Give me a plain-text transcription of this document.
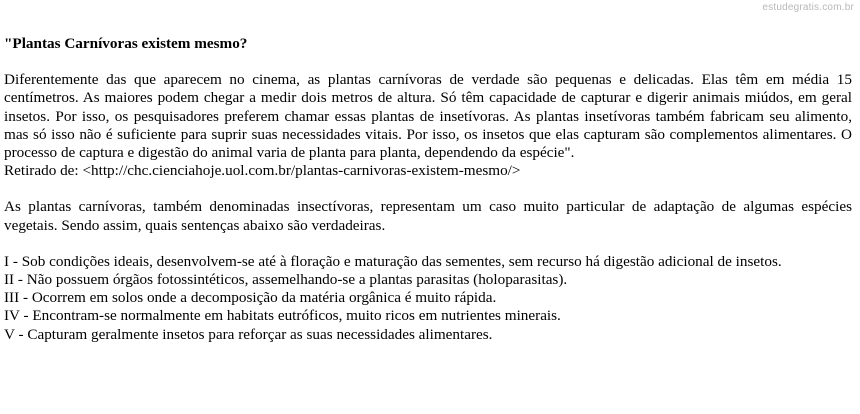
estudegratis.com.br

"Plantas Carnívoras existem mesmo?

Diferentemente das que aparecem no cinema, as plantas carnívoras de verdade são pequenas e delicadas. Elas têm em média 15 centímetros. As maiores podem chegar a medir dois metros de altura. Só têm capacidade de capturar e digerir animais miúdos, em geral insetos. Por isso, os pesquisadores preferem chamar essas plantas de insetívoras. As plantas insetívoras também fabricam seu alimento, mas só isso não é suficiente para suprir suas necessidades vitais. Por isso, os insetos que elas capturam são complementos alimentares. O processo de captura e digestão do animal varia de planta para planta, dependendo da espécie".

Retirado de: <http://chc.cienciahoje.uol.com.br/plantas-carnivoras-existem-mesmo/>

As plantas carnívoras, também denominadas insectívoras, representam um caso muito particular de adaptação de algumas espécies vegetais. Sendo assim, quais sentenças abaixo são verdadeiras.

I - Sob condições ideais, desenvolvem-se até à floração e maturação das sementes, sem recurso há digestão adicional de insetos.

II - Não possuem órgãos fotossintéticos, assemelhando-se a plantas parasitas (holoparasitas).

III - Ocorrem em solos onde a decomposição da matéria orgânica é muito rápida.

IV - Encontram-se normalmente em habitats eutróficos, muito ricos em nutrientes minerais.

V - Capturam geralmente insetos para reforçar as suas necessidades alimentares.
